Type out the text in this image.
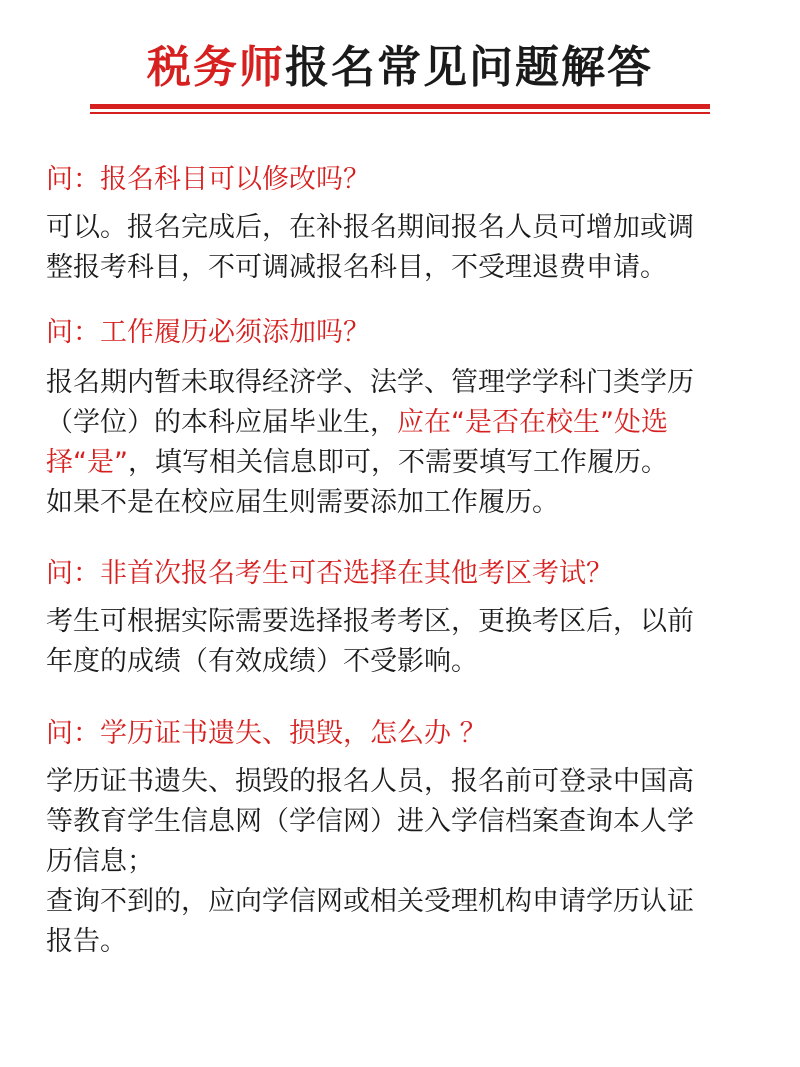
税务师报名常见问题解答

问：报名科目可以修改吗？

可以。报名完成后，在补报名期间报名人员可增加或调
整报考科目，不可调减报名科目，不受理退费申请。

问：工作履历必须添加吗？

报名期内暂未取得经济学、法学、管理学学科门类学历
（学位）的本科应届毕业生，应在“是否在校生”处选
择“是”，填写相关信息即可，不需要填写工作履历。
如果不是在校应届生则需要添加工作履历。

问：非首次报名考生可否选择在其他考区考试？

考生可根据实际需要选择报考考区，更换考区后，以前
年度的成绩（有效成绩）不受影响。

问：学历证书遗失、损毁，怎么办 ？

学历证书遗失、损毁的报名人员，报名前可登录中国高
等教育学生信息网（学信网）进入学信档案查询本人学
历信息；
查询不到的，应向学信网或相关受理机构申请学历认证
报告。
